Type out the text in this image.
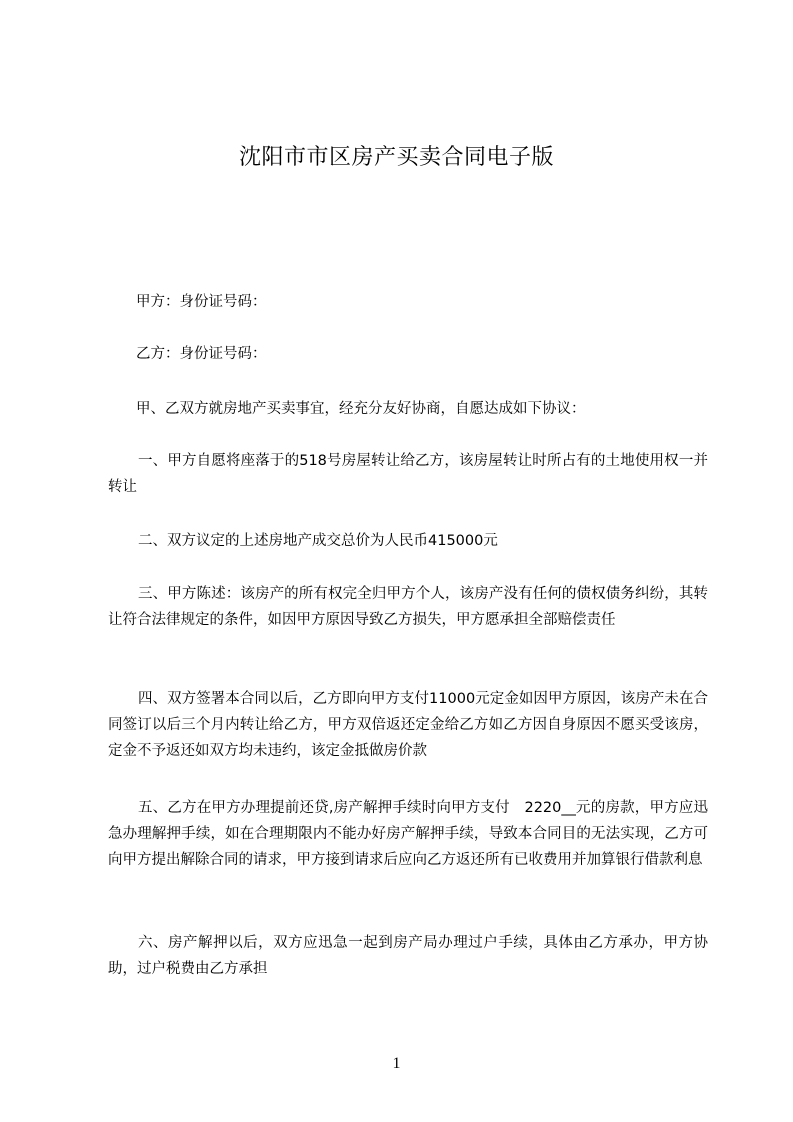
沈阳市市区房产买卖合同电子版

甲方：身份证号码：

乙方：身份证号码：

甲、乙双方就房地产买卖事宜，经充分友好协商，自愿达成如下协议：

一、甲方自愿将座落于的518号房屋转让给乙方，该房屋转让时所占有的土地使用权一并转让

二、双方议定的上述房地产成交总价为人民币415000元

三、甲方陈述：该房产的所有权完全归甲方个人，该房产没有任何的债权债务纠纷，其转让符合法律规定的条件，如因甲方原因导致乙方损失，甲方愿承担全部赔偿责任

四、双方签署本合同以后，乙方即向甲方支付11000元定金如因甲方原因，该房产未在合同签订以后三个月内转让给乙方，甲方双倍返还定金给乙方如乙方因自身原因不愿买受该房，定金不予返还如双方均未违约，该定金抵做房价款

五、乙方在甲方办理提前还贷,房产解押手续时向甲方支付　2220__元的房款，甲方应迅急办理解押手续，如在合理期限内不能办好房产解押手续，导致本合同目的无法实现，乙方可向甲方提出解除合同的请求，甲方接到请求后应向乙方返还所有已收费用并加算银行借款利息

六、房产解押以后，双方应迅急一起到房产局办理过户手续，具体由乙方承办，甲方协助，过户税费由乙方承担

1
